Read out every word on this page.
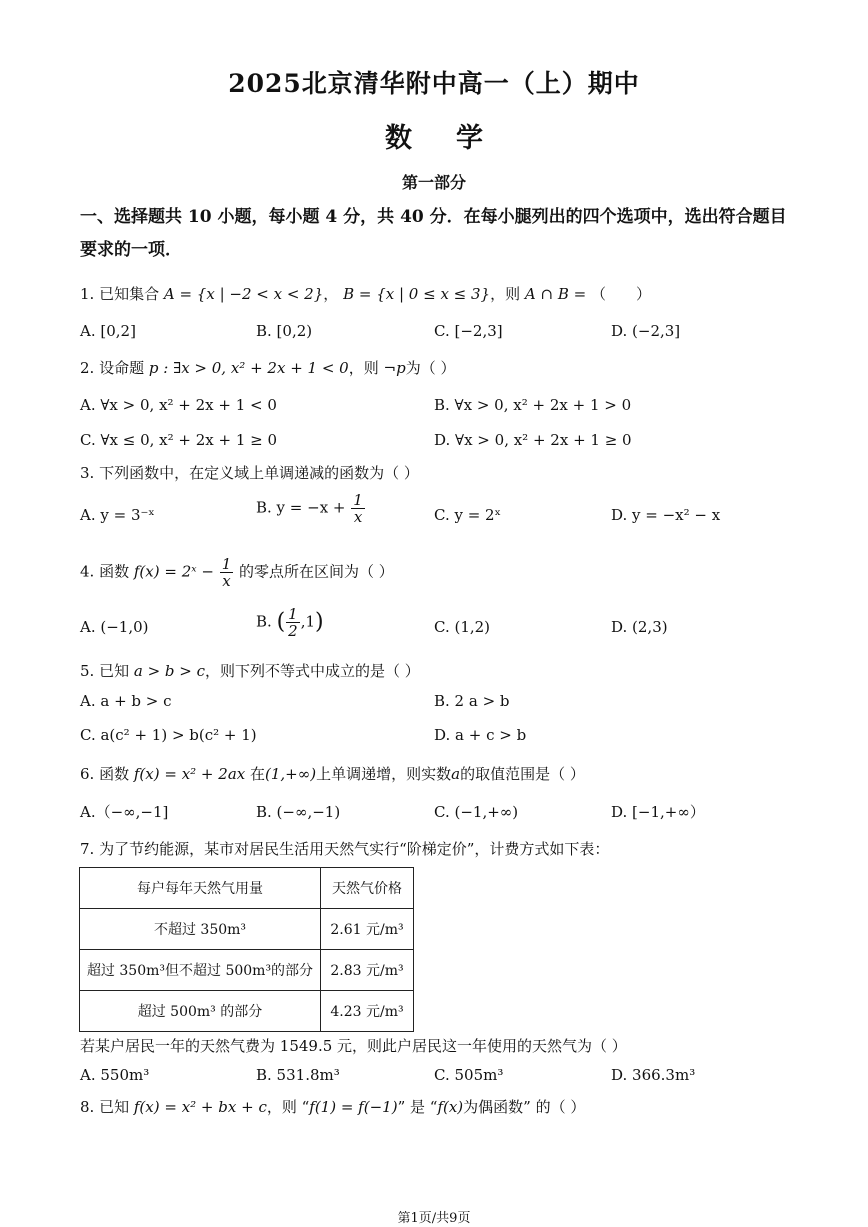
2025北京清华附中高一（上）期中
数 学
第一部分
一、选择题共 10 小题，每小题 4 分，共 40 分．在每小腿列出的四个选项中，选出符合题目要求的一项．
1. 已知集合 A = {x | −2 < x < 2}， B = {x | 0 ≤ x ≤ 3}，则 A ∩ B = （　　）
A. [0,2]	B. [0,2)	C. [−2,3]	D. (−2,3]
2. 设命题 p : ∃x > 0, x² + 2x + 1 < 0，则 ¬p为（ ）
A. ∀x > 0, x² + 2x + 1 < 0	B. ∀x > 0, x² + 2x + 1 > 0
C. ∀x ≤ 0, x² + 2x + 1 ≥ 0	D. ∀x > 0, x² + 2x + 1 ≥ 0
3. 下列函数中，在定义域上单调递减的函数为（ ）
A. y = 3⁻ˣ	B. $y = -x + \frac{1}{x}$	C. y = 2ˣ	D. y = −x² − x
4. 函数 f(x) = 2ˣ − $\frac{1}{x}$ 的零点所在区间为（ ）
A. (−1,0)	B. ( $\frac{1}{2} ,1$)	C. (1,2)	D. (2,3)
5. 已知 a > b > c，则下列不等式中成立的是（ ）
A. a + b > c	B. 2 a > b
C. a(c² + 1) > b(c² + 1)	D. a + c > b
6. 函数 f(x) = x² + 2ax 在(1,+∞)上单调递增，则实数a的取值范围是（ ）
A.（−∞,−1]	B. (−∞,−1)	C. (−1,+∞)	D. [−1,+∞）
7. 为了节约能源，某市对居民生活用天然气实行“阶梯定价”，计费方式如下表：
每户每年天然气用量	天然气价格
不超过 350m³	2.61 元/m³
超过 350m³但不超过 500m³的部分	2.83 元/m³
超过 500m³ 的部分	4.23 元/m³
若某户居民一年的天然气费为 1549.5 元，则此户居民这一年使用的天然气为（ ）
A. 550m³	B. 531.8m³	C. 505m³	D. 366.3m³
8. 已知 f(x) = x² + bx + c，则 “f(1) = f(−1)” 是 “f(x)为偶函数” 的（ ）
第1页/共9页
